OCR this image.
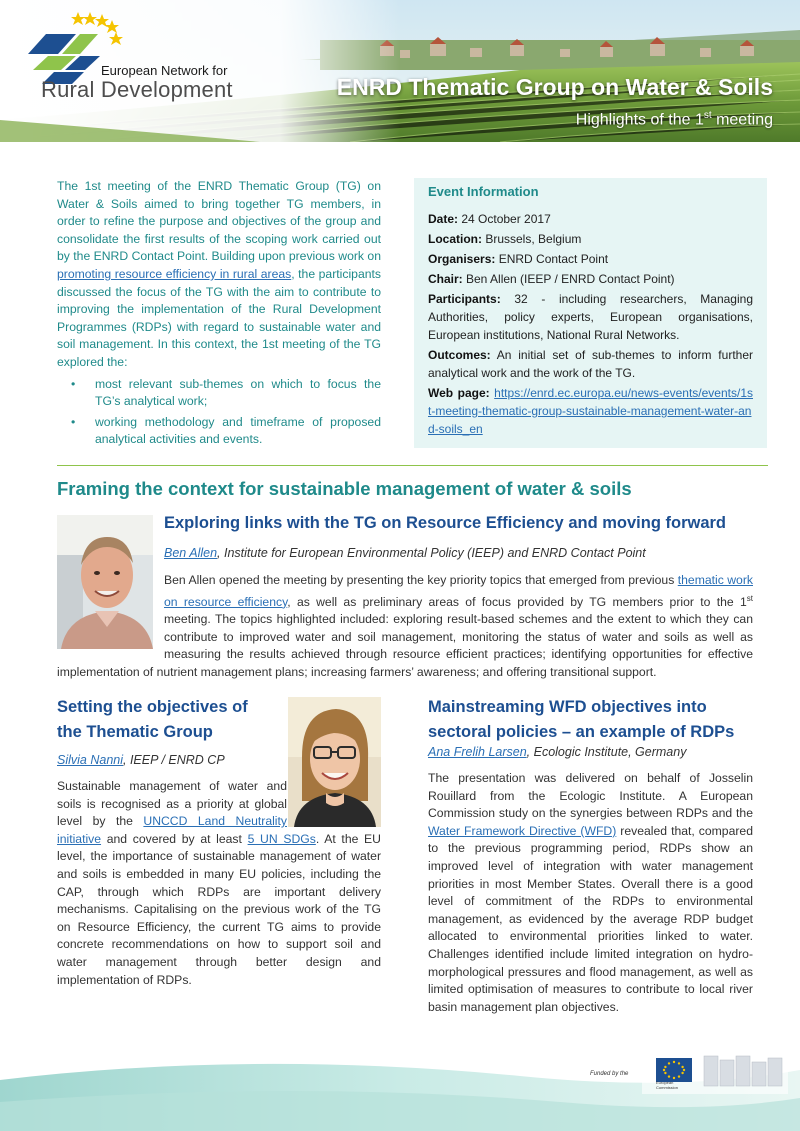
European Network for
Rural Development	ENRD Thematic Group on Water & Soils
Highlights of the 1st meeting
The 1st meeting of the ENRD Thematic Group (TG) on Water & Soils aimed to bring together TG members, in order to refine the purpose and objectives of the group and consolidate the first results of the scoping work carried out by the ENRD Contact Point. Building upon previous work on promoting resource efficiency in rural areas, the participants discussed the focus of the TG with the aim to contribute to improving the implementation of the Rural Development Programmes (RDPs) with regard to sustainable water and soil management. In this context, the 1st meeting of the TG explored the:
• most relevant sub-themes on which to focus the TG’s analytical work;
• working methodology and timeframe of proposed analytical activities and events.
Event Information

Date: 24 October 2017

Location: Brussels, Belgium

Organisers: ENRD Contact Point

Chair: Ben Allen (IEEP / ENRD Contact Point)

Participants: 32 - including researchers, Managing Authorities, policy experts, European organisations, European institutions, National Rural Networks.

Outcomes: An initial set of sub-themes to inform further analytical work and the work of the TG.

Web page: https://enrd.ec.europa.eu/news-events/events/1st-meeting-thematic-group-sustainable-management-water-and-soils_en

Framing the context for sustainable management of water & soils
Exploring links with the TG on Resource Efficiency and moving forward
Ben Allen, Institute for European Environmental Policy (IEEP) and ENRD Contact Point
Ben Allen opened the meeting by presenting the key priority topics that emerged from previous thematic work on resource efficiency, as well as preliminary areas of focus provided by TG members prior to the 1st meeting. The topics highlighted included: exploring result-based schemes and the extent to which they can contribute to improved water and soil management, monitoring the status of water and soils as well as measuring the results achieved through resource efficient practices; identifying opportunities for effective implementation of nutrient management plans; increasing farmers’ awareness; and offering transitional support.
Setting the objectives of the Thematic Group
Silvia Nanni, IEEP / ENRD CP
Sustainable management of water and soils is recognised as a priority at global level by the UNCCD Land Neutrality initiative and covered by at least 5 UN SDGs. At the EU level, the importance of sustainable management of water and soils is embedded in many EU policies, including the CAP, through which RDPs are important delivery mechanisms. Capitalising on the previous work of the TG on Resource Efficiency, the current TG aims to provide concrete recommendations on how to support soil and water management through better design and implementation of RDPs.
Mainstreaming WFD objectives into sectoral policies – an example of RDPs
Ana Frelih Larsen, Ecologic Institute, Germany
The presentation was delivered on behalf of Josselin Rouillard from the Ecologic Institute. A European Commission study on the synergies between RDPs and the Water Framework Directive (WFD) revealed that, compared to the previous programming period, RDPs show an improved level of integration with water management priorities in most Member States. Overall there is a good level of commitment of the RDPs to environmental management, as evidenced by the average RDP budget allocated to environmental priorities linked to water. Challenges identified include limited integration on hydro-morphological pressures and flood management, as well as limited optimisation of measures to contribute to local river basin management plan objectives.
Funded by the
European Commission
